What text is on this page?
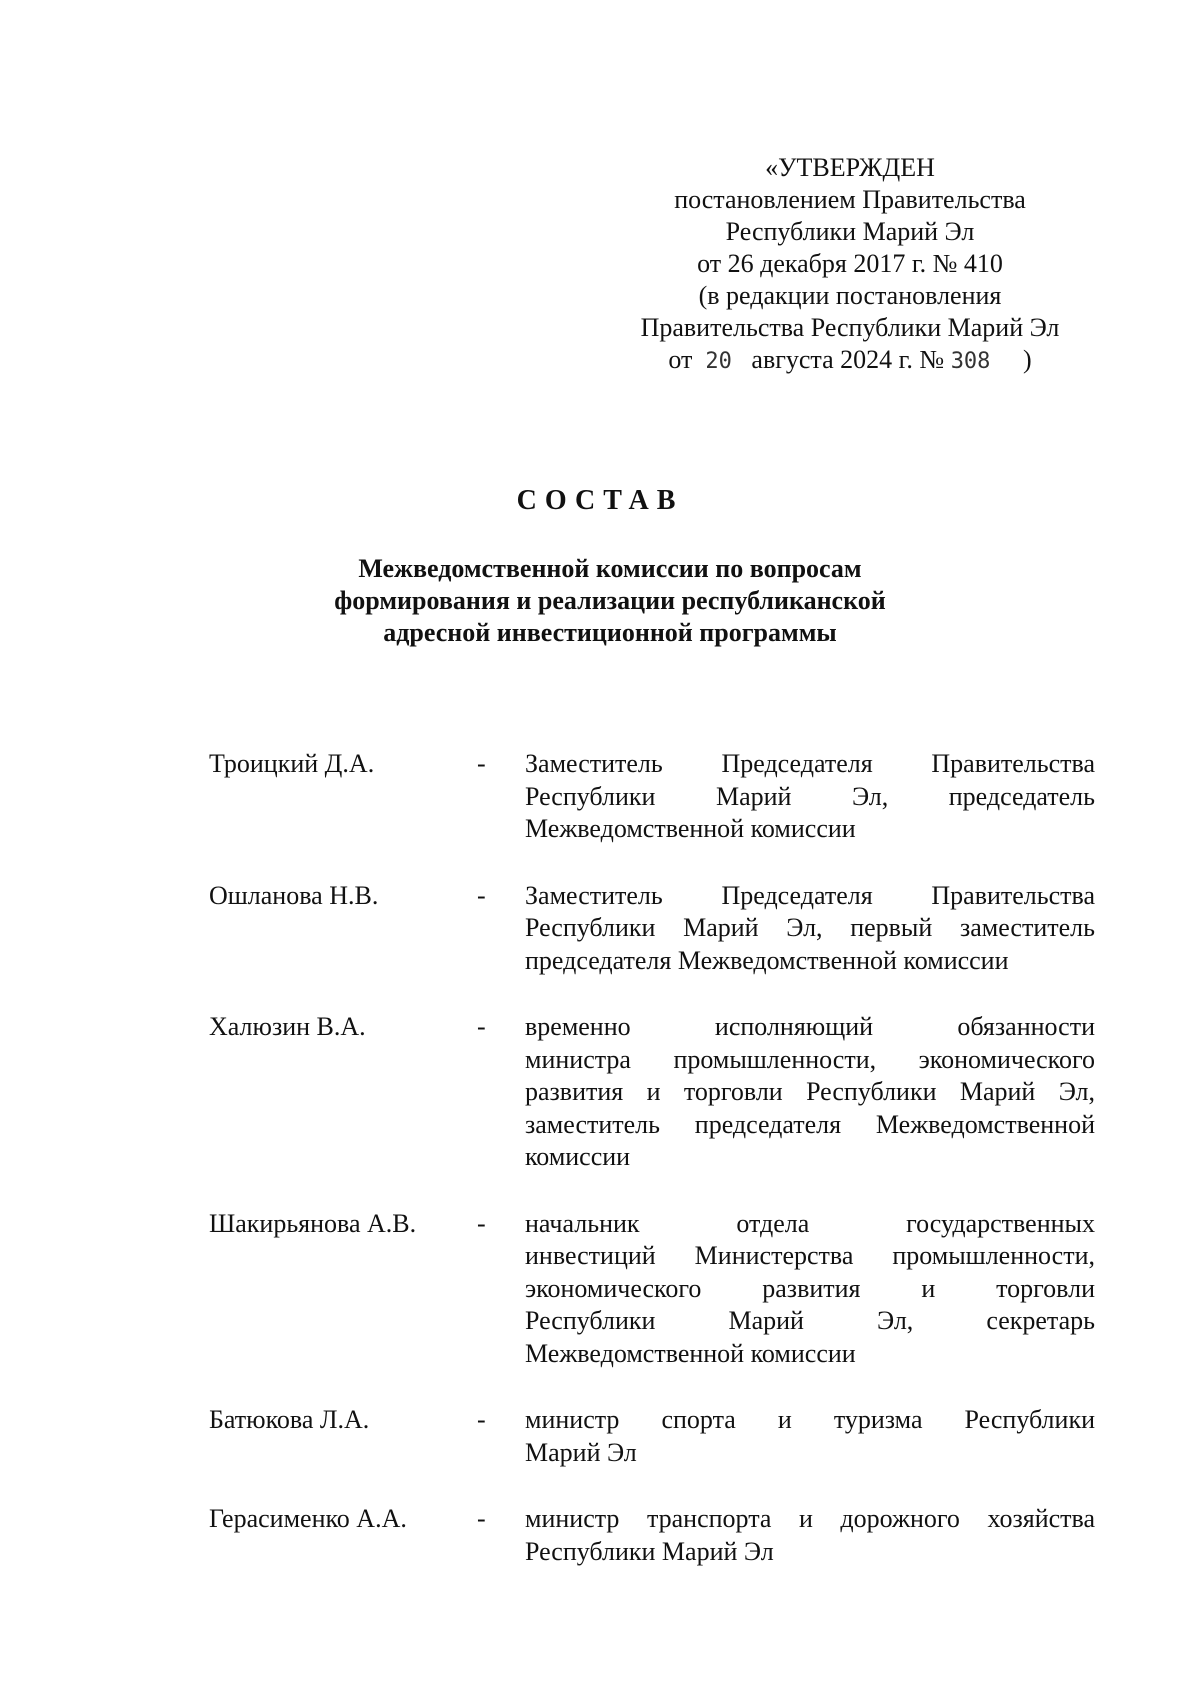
«УТВЕРЖДЕН
постановлением Правительства
Республики Марий Эл
от 26 декабря 2017 г. № 410
(в редакции постановления
Правительства Республики Марий Эл
от 20 августа 2024 г. № 308 )
СОСТАВ
Межведомственной комиссии по вопросам
формирования и реализации республиканской
адресной инвестиционной программы
Троицкий Д.А.	-	Заместитель Председателя Правительства
Республики Марий Эл, председатель
Межведомственной комиссии
Ошланова Н.В.	-	Заместитель Председателя Правительства
Республики Марий Эл, первый заместитель
председателя Межведомственной комиссии
Халюзин В.А.	-	временно исполняющий обязанности
министра промышленности, экономического
развития и торговли Республики Марий Эл,
заместитель председателя Межведомственной
комиссии
Шакирьянова А.В.	-	начальник отдела государственных
инвестиций Министерства промышленности,
экономического развития и торговли
Республики Марий Эл, секретарь
Межведомственной комиссии
Батюкова Л.А.	-	министр спорта и туризма Республики
Марий Эл
Герасименко А.А.	-	министр транспорта и дорожного хозяйства
Республики Марий Эл
